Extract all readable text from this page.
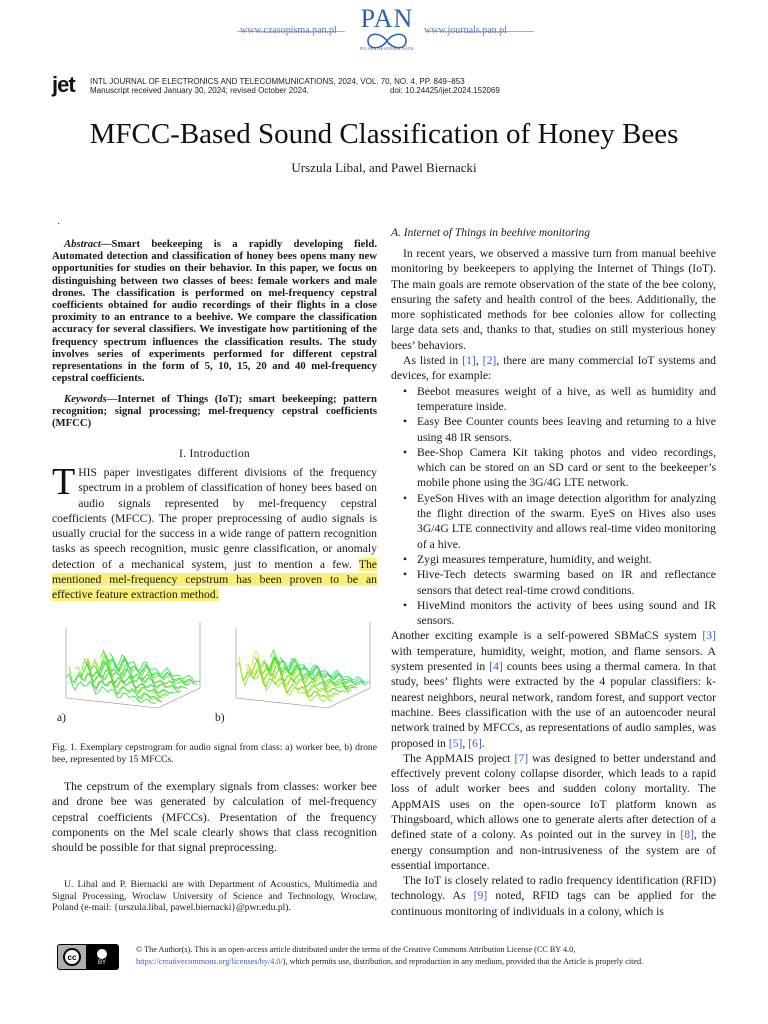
www.czasopisma.pan.pl PAN
POLSKA AKADEMIA NAUK
www.journals.pan.pl
jet INTL JOURNAL OF ELECTRONICS AND TELECOMMUNICATIONS, 2024, VOL. 70, NO. 4, PP. 849–853
Manuscript received January 30, 2024; revised October 2024.	doi: 10.24425/ijet.2024.152069
MFCC-Based Sound Classification of Honey Bees
Urszula Libal, and Pawel Biernacki
˙
Abstract—Smart beekeeping is a rapidly developing field. Automated detection and classification of honey bees opens many new opportunities for studies on their behavior. In this paper, we focus on distinguishing between two classes of bees: female workers and male drones. The classification is performed on mel-frequency cepstral coefficients obtained for audio recordings of their flights in a close proximity to an entrance to a beehive. We compare the classification accuracy for several classifiers. We investigate how partitioning of the frequency spectrum influences the classification results. The study involves series of experiments performed for different cepstral representations in the form of 5, 10, 15, 20 and 40 mel-frequency cepstral coefficients.
Keywords—Internet of Things (IoT); smart beekeeping; pattern recognition; signal processing; mel-frequency cepstral coefficients (MFCC)
I. Introduction
THIS paper investigates different divisions of the frequency spectrum in a problem of classification of honey bees based on audio signals represented by mel-frequency cepstral coefficients (MFCC). The proper preprocessing of audio signals is usually crucial for the success in a wide range of pattern recognition tasks as speech recognition, music genre classification, or anomaly detection of a mechanical system, just to mention a few. The mentioned mel-frequency cepstrum has been proven to be an effective feature extraction method.
a)	b)
Fig. 1. Exemplary cepstrogram for audio signal from class: a) worker bee, b) drone bee, represented by 15 MFCCs.
The cepstrum of the exemplary signals from classes: worker bee and drone bee was generated by calculation of mel-frequency cepstral coefficients (MFCCs). Presentation of the frequency components on the Mel scale clearly shows that class recognition should be possible for that signal preprocessing.
U. Libal and P. Biernacki are with Department of Acoustics, Multimedia and Signal Processing, Wroclaw University of Science and Technology, Wroclaw, Poland (e-mail: {urszula.libal, pawel.biernacki}@pwr.edu.pl).
A. Internet of Things in beehive monitoring

In recent years, we observed a massive turn from manual beehive monitoring by beekeepers to applying the Internet of Things (IoT). The main goals are remote observation of the state of the bee colony, ensuring the safety and health control of the bees. Additionally, the more sophisticated methods for bee colonies allow for collecting large data sets and, thanks to that, studies on still mysterious honey bees’ behaviors.

As listed in [1], [2], there are many commercial IoT systems and devices, for example:

• Beebot measures weight of a hive, as well as humidity and temperature inside.
• Easy Bee Counter counts bees leaving and returning to a hive using 48 IR sensors.
• Bee-Shop Camera Kit taking photos and video recordings, which can be stored on an SD card or sent to the beekeeper’s mobile phone using the 3G/4G LTE network.
• EyeSon Hives with an image detection algorithm for analyzing the flight direction of the swarm. EyeS on Hives also uses 3G/4G LTE connectivity and allows real-time video monitoring of a hive.
• Zygi measures temperature, humidity, and weight.
• Hive-Tech detects swarming based on IR and reflectance sensors that detect real-time crowd conditions.
• HiveMind monitors the activity of bees using sound and IR sensors.

Another exciting example is a self-powered SBMaCS system [3] with temperature, humidity, weight, motion, and flame sensors. A system presented in [4] counts bees using a thermal camera. In that study, bees’ flights were extracted by the 4 popular classifiers: k-nearest neighbors, neural network, random forest, and support vector machine. Bees classification with the use of an autoencoder neural network trained by MFCCs, as representations of audio samples, was proposed in [5], [6].

The AppMAIS project [7] was designed to better understand and effectively prevent colony collapse disorder, which leads to a rapid loss of adult worker bees and sudden colony mortality. The AppMAIS uses on the open-source IoT platform known as Thingsboard, which allows one to generate alerts after detection of a defined state of a colony. As pointed out in the survey in [8], the energy consumption and non-intrusiveness of the system are of essential importance.

The IoT is closely related to radio frequency identification (RFID) technology. As [9] noted, RFID tags can be applied for the continuous monitoring of individuals in a colony, which is

cc
BY
© The Author(s). This is an open-access article distributed under the terms of the Creative Commons Attribution License (CC BY 4.0,
https://creativecommons.org/licenses/by/4.0/), which permits use, distribution, and reproduction in any medium, provided that the Article is properly cited.
